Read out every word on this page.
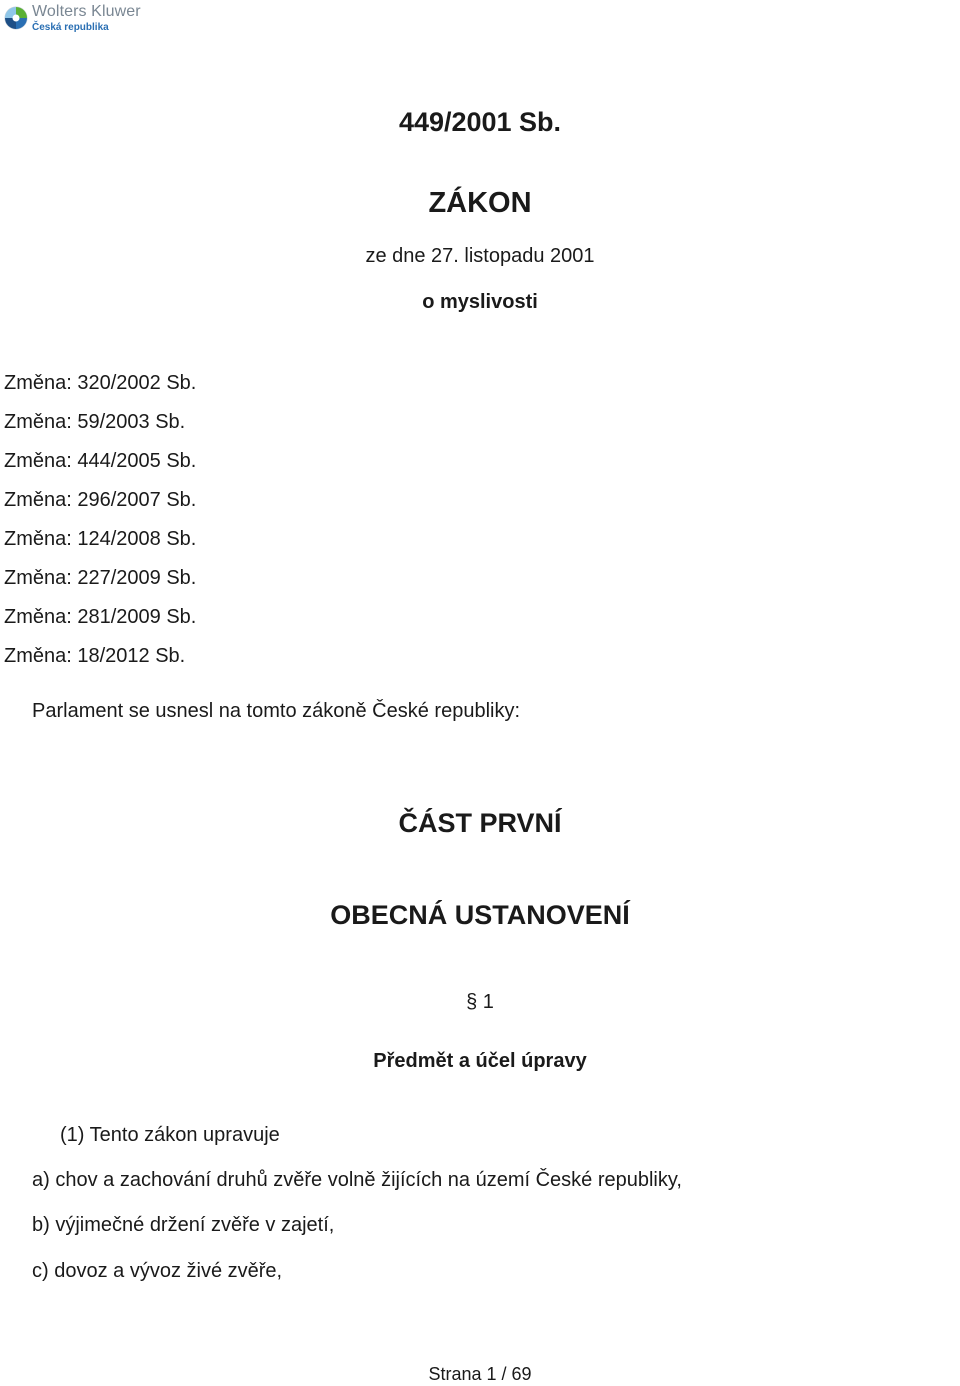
Wolters Kluwer
Česká republika
449/2001 Sb.
ZÁKON
ze dne 27. listopadu 2001
o myslivosti
Změna: 320/2002 Sb.
Změna: 59/2003 Sb.
Změna: 444/2005 Sb.
Změna: 296/2007 Sb.
Změna: 124/2008 Sb.
Změna: 227/2009 Sb.
Změna: 281/2009 Sb.
Změna: 18/2012 Sb.
Parlament se usnesl na tomto zákoně České republiky:
ČÁST PRVNÍ
OBECNÁ USTANOVENÍ
§ 1
Předmět a účel úpravy
(1) Tento zákon upravuje
a) chov a zachování druhů zvěře volně žijících na území České republiky,
b) výjimečné držení zvěře v zajetí,
c) dovoz a vývoz živé zvěře,
Strana 1 / 69
